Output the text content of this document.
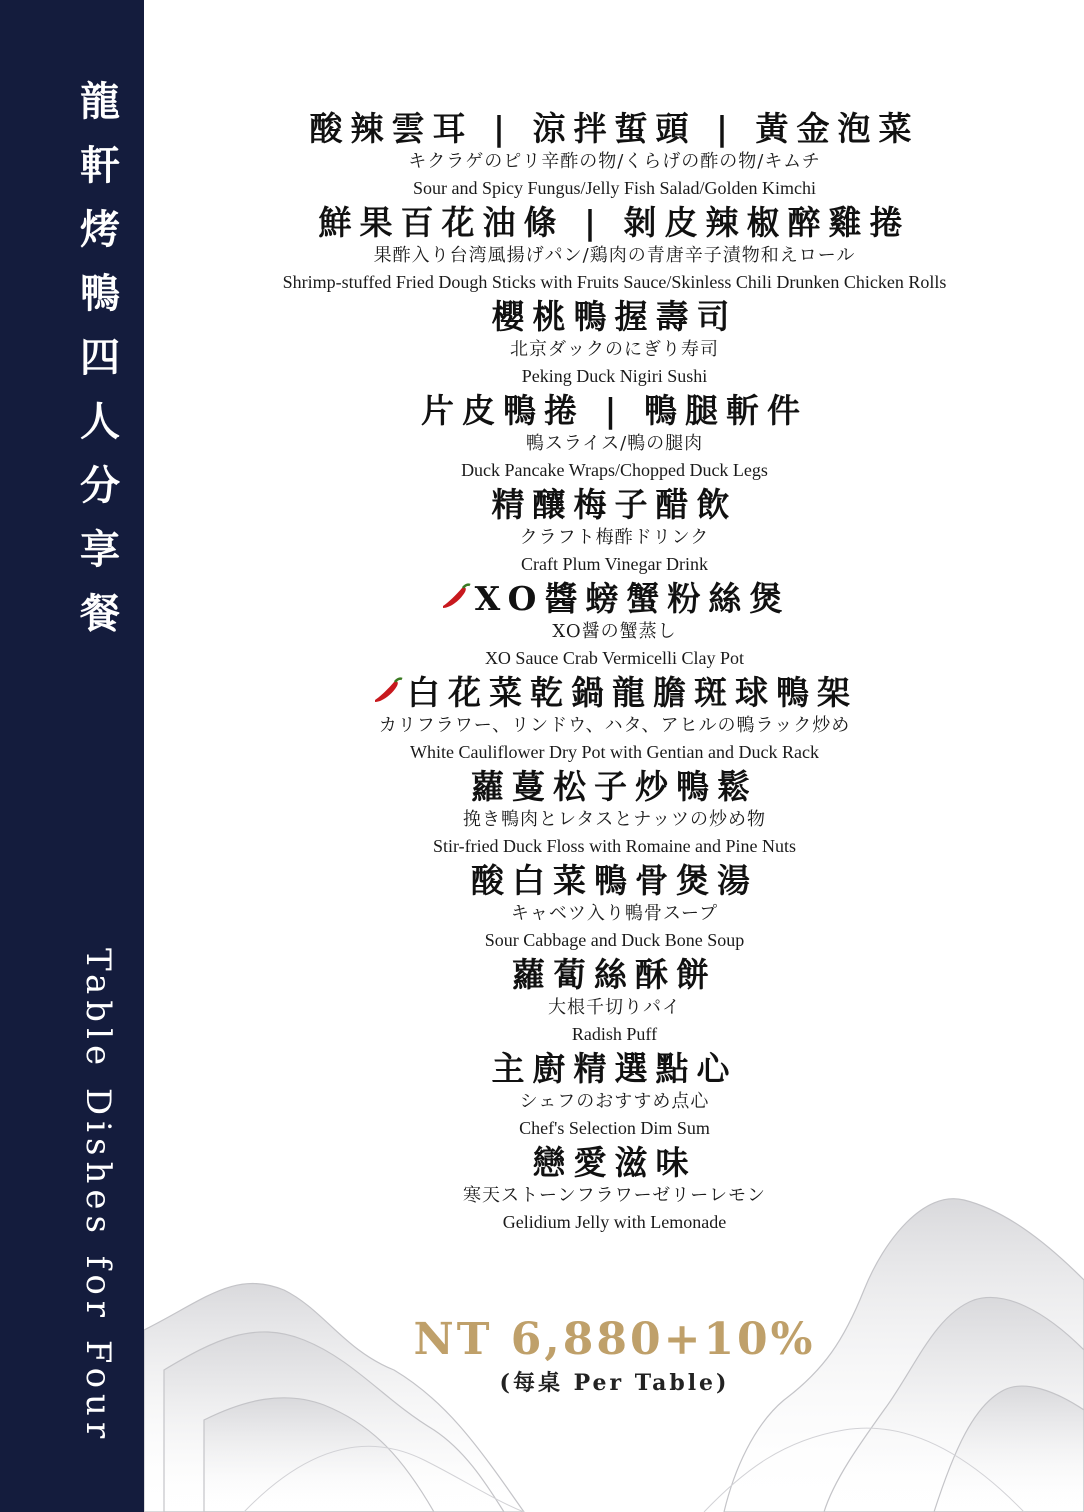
龍
軒
烤
鴨
四
人
分
享
餐
Table Dishes for Four
酸辣雲耳 | 涼拌蜇頭 | 黃金泡菜
キクラゲのピリ辛酢の物/くらげの酢の物/キムチ
Sour and Spicy Fungus/Jelly Fish Salad/Golden Kimchi
鮮果百花油條 | 剝皮辣椒醉雞捲
果酢入り台湾風揚げパン/鶏肉の青唐辛子漬物和えロール
Shrimp-stuffed Fried Dough Sticks with Fruits Sauce/Skinless Chili Drunken Chicken Rolls
櫻桃鴨握壽司
北京ダックのにぎり寿司
Peking Duck Nigiri Sushi
片皮鴨捲 | 鴨腿斬件
鴨スライス/鴨の腿肉
Duck Pancake Wraps/Chopped Duck Legs
精釀梅子醋飲
クラフト梅酢ドリンク
Craft Plum Vinegar Drink
XO醬螃蟹粉絲煲
XO醤の蟹蒸し
XO Sauce Crab Vermicelli Clay Pot
白花菜乾鍋龍膽斑球鴨架
カリフラワー、リンドウ、ハタ、アヒルの鴨ラック炒め
White Cauliflower Dry Pot with Gentian and Duck Rack
蘿蔓松子炒鴨鬆
挽き鴨肉とレタスとナッツの炒め物
Stir-fried Duck Floss with Romaine and Pine Nuts
酸白菜鴨骨煲湯
キャベツ入り鴨骨スープ
Sour Cabbage and Duck Bone Soup
蘿蔔絲酥餅
大根千切りパイ
Radish Puff
主廚精選點心
シェフのおすすめ点心
Chef's Selection Dim Sum
戀愛滋味
寒天ストーンフラワーゼリーレモン
Gelidium Jelly with Lemonade
NT 6,880+10%
(每桌 Per Table)
